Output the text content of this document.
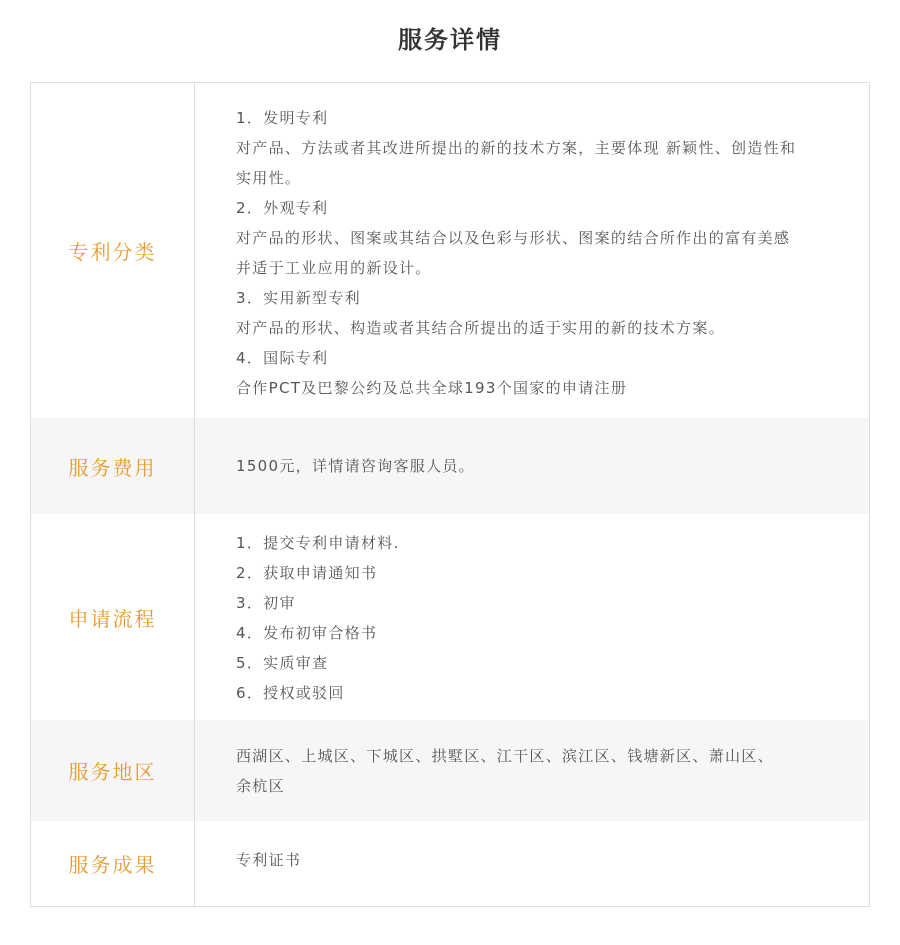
服务详情
专利分类

1．发明专利

对产品、方法或者其改进所提出的新的技术方案，主要体现 新颖性、创造性和

实用性。

2．外观专利

对产品的形状、图案或其结合以及色彩与形状、图案的结合所作出的富有美感

并适于工业应用的新设计。

3．实用新型专利

对产品的形状、构造或者其结合所提出的适于实用的新的技术方案。

4．国际专利

合作PCT及巴黎公约及总共全球193个国家的申请注册

服务费用	1500元，详情请咨询客服人员。

申请流程

1．提交专利申请材料.

2．获取申请通知书

3．初审

4．发布初审合格书

5．实质审查

6．授权或驳回

服务地区

西湖区、上城区、下城区、拱墅区、江干区、滨江区、钱塘新区、萧山区、

余杭区

服务成果	专利证书
